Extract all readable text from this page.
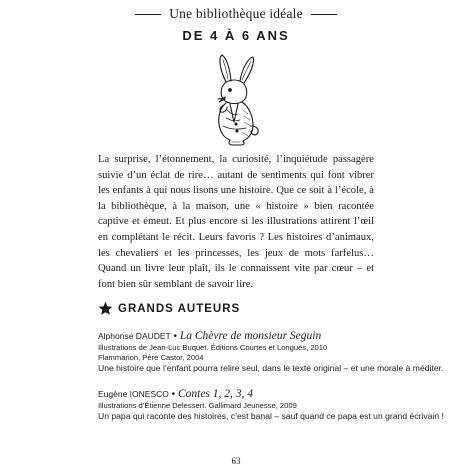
Une bibliothèque idéale
DE 4 À 6 ANS

La surprise, l’étonnement, la curiosité, l’inquiétude passagère suivie d’un éclat de rire… autant de sentiments qui font vibrer les enfants à qui nous lisons une histoire. Que ce soit à l’école, à la bibliothèque, à la maison, une « histoire » bien racontée captive et émeut. Et plus encore si les illustrations attirent l’œil en complétant le récit. Leurs favoris ? Les histoires d’animaux, les chevaliers et les princesses, les jeux de mots farfelus… Quand un livre leur plaît, ils le connaissent vite par cœur – et font bien sûr semblant de savoir lire.

GRANDS AUTEURS
Alphonse DAUDET • La Chèvre de monsieur Seguin
Illustrations de Jean-Luc Buquet. Éditions Courtes et Longues, 2010
Flammarion, Père Castor, 2004
Une histoire que l’enfant pourra relire seul, dans le texte original – et une morale à méditer.
Eugène IONESCO • Contes 1, 2, 3, 4
Illustrations d’Étienne Delessert. Gallimard Jeunesse, 2009
Un papa qui raconte des histoires, c’est banal – sauf quand ce papa est un grand écrivain !
63
